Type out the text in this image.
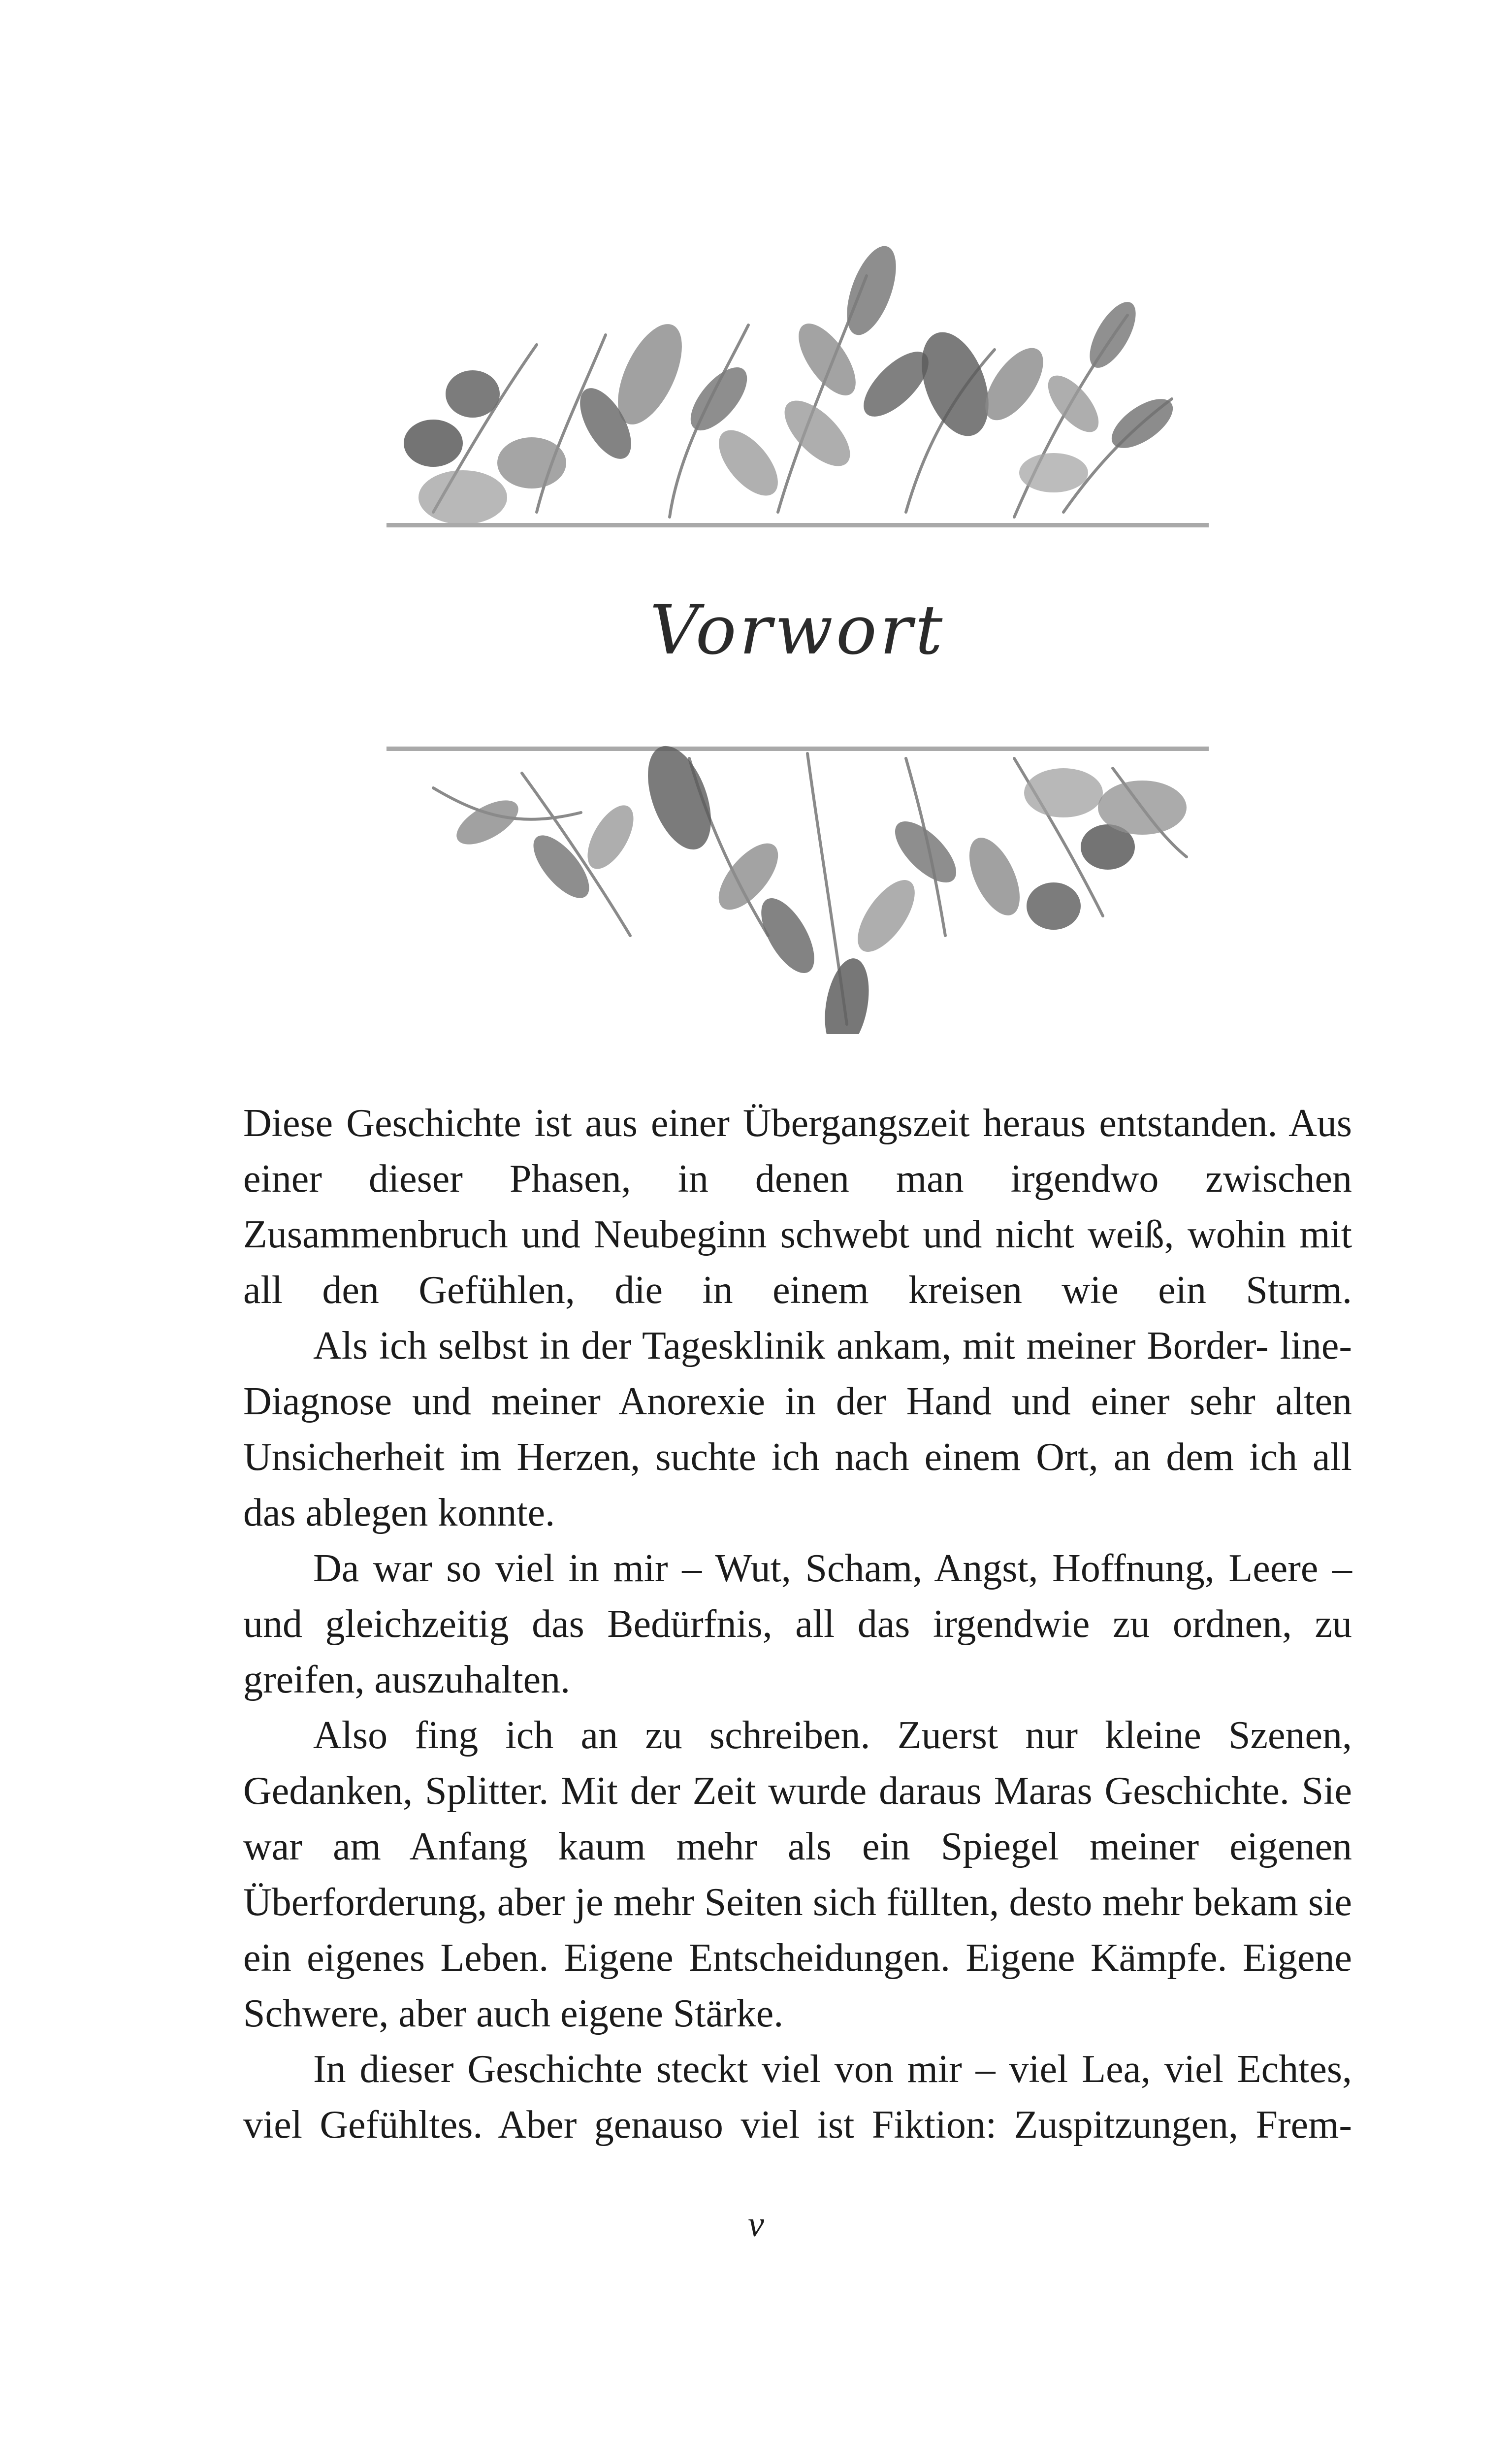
Vorwort

Diese Geschichte ist aus einer Übergangszeit heraus entstanden. Aus einer dieser Phasen, in denen man irgendwo zwischen Zusammenbruch und Neubeginn schwebt und nicht weiß, wohin mit all den Gefühlen, die in einem kreisen wie ein Sturm.

Als ich selbst in der Tagesklinik ankam, mit meiner Border- line-Diagnose und meiner Anorexie in der Hand und einer sehr alten Unsicherheit im Herzen, suchte ich nach einem Ort, an dem ich all das ablegen konnte.

Da war so viel in mir – Wut, Scham, Angst, Hoffnung, Leere – und gleichzeitig das Bedürfnis, all das irgendwie zu ordnen, zu greifen, auszuhalten.

Also fing ich an zu schreiben. Zuerst nur kleine Szenen, Gedanken, Splitter. Mit der Zeit wurde daraus Maras Geschichte. Sie war am Anfang kaum mehr als ein Spiegel meiner eigenen Überforderung, aber je mehr Seiten sich füllten, desto mehr bekam sie ein eigenes Leben. Eigene Entscheidungen. Eigene Kämpfe. Eigene Schwere, aber auch eigene Stärke.

In dieser Geschichte steckt viel von mir – viel Lea, viel Echtes, viel Gefühltes. Aber genauso viel ist Fiktion: Zuspitzungen, Frem-

v
